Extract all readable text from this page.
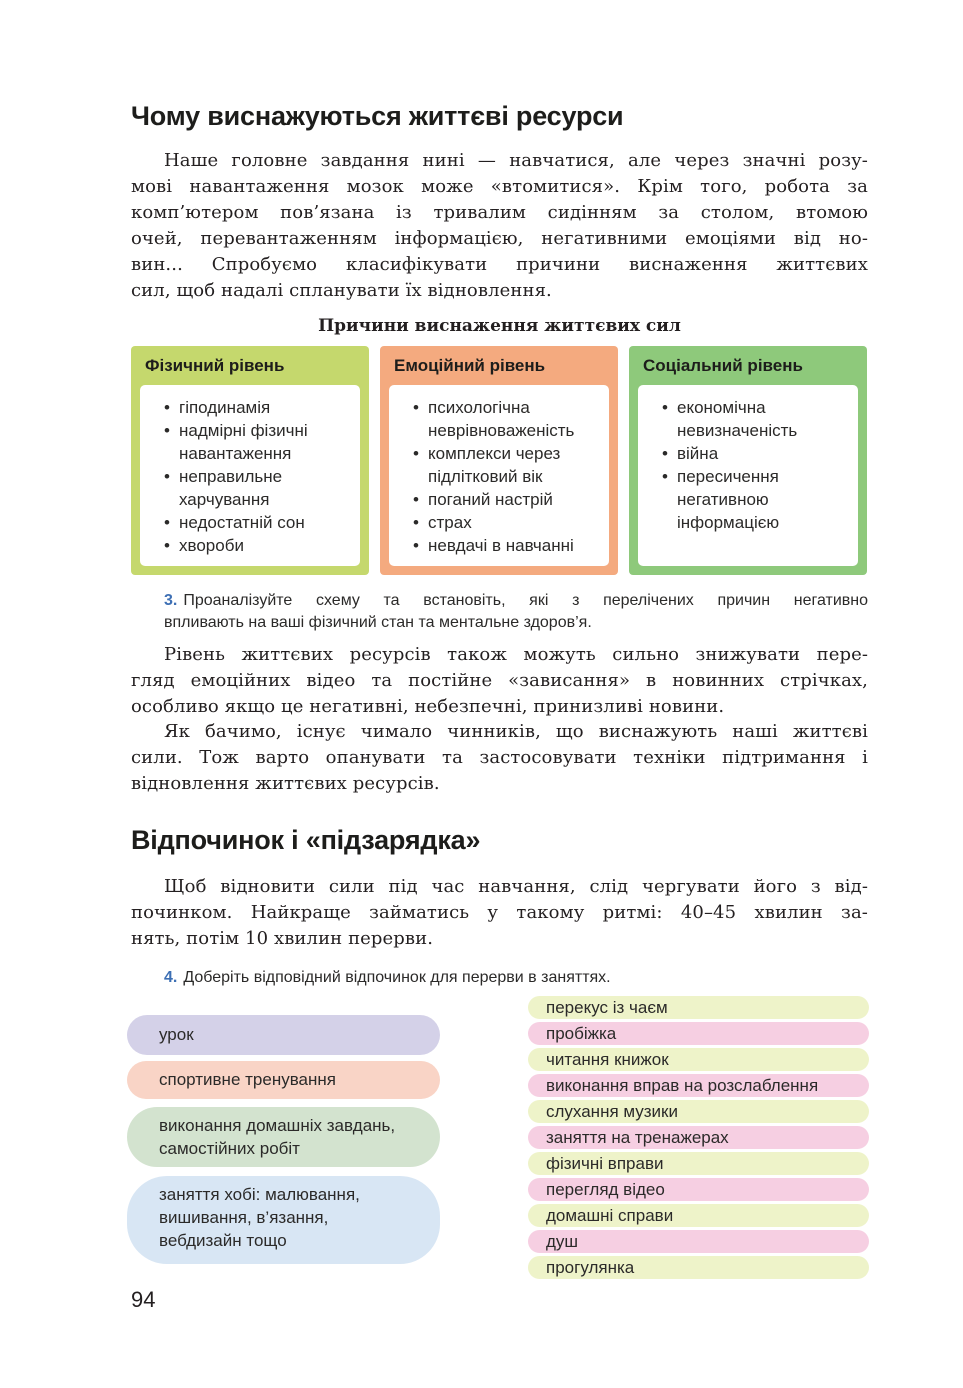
Чому виснажуються життєві ресурси
Наше головне завдання нині — навчатися, але через значні розу-
мові навантаження мозок може «втомитися». Крім того, робота за
комп’ютером пов’язана із тривалим сидінням за столом, втомою
очей, перевантаженням інформацією, негативними емоціями від но-
вин... Спробуємо класифікувати причини виснаження життєвих
сил, щоб надалі спланувати їх відновлення.
Причини виснаження життєвих сил
Фізичний рівень
• гіподинамія
• надмірні фізичні
навантаження
• неправильне
харчування
• недостатній сон
• хвороби
Емоційний рівень
• психологічна
неврівноваженість
• комплекси через
підлітковий вік
• поганий настрій
• страх
• невдачі в навчанні
Соціальний рівень
• економічна
невизначеність
• війна
• пересичення
негативною
інформацією
3. Проаналізуйте схему та встановіть, які з перелічених причин негативно
впливають на ваші фізичний стан та ментальне здоров’я.
Рівень життєвих ресурсів також можуть сильно знижувати пере-
гляд емоційних відео та постійне «зависання» в новинних стрічках,
особливо якщо це негативні, небезпечні, принизливі новини.
Як бачимо, існує чимало чинників, що виснажують наші життєві
сили. Тож варто опанувати та застосовувати техніки підтримання і
відновлення життєвих ресурсів.
Відпочинок і «підзарядка»
Щоб відновити сили під час навчання, слід чергувати його з від-
починком. Найкраще займатись у такому ритмі: 40–45 хвилин за-
нять, потім 10 хвилин перерви.
4. Доберіть відповідний відпочинок для перерви в заняттях.
урок
спортивне тренування
виконання домашніх завдань,
самостійних робіт
заняття хобі: малювання,
вишивання, в’язання,
вебдизайн тощо
перекус із чаєм
пробіжка
читання книжок
виконання вправ на розслаблення
слухання музики
заняття на тренажерах
фізичні вправи
перегляд відео
домашні справи
душ
прогулянка
94
